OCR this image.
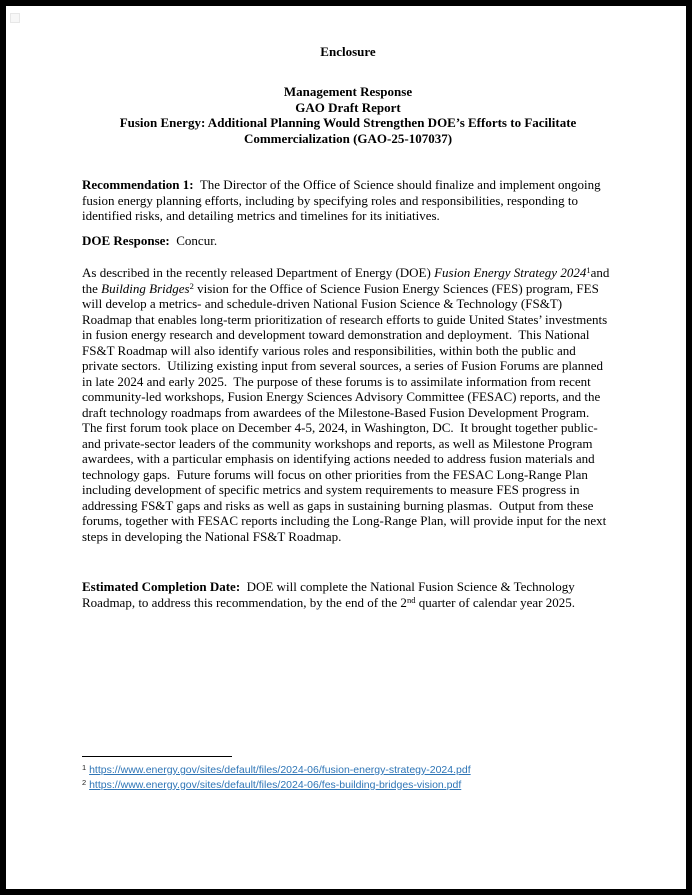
Enclosure
Management Response
GAO Draft Report
Fusion Energy: Additional Planning Would Strengthen DOE’s Efforts to Facilitate
Commercialization (GAO-25-107037)

Recommendation 1:  The Director of the Office of Science should finalize and implement ongoing fusion energy planning efforts, including by specifying roles and responsibilities, responding to identified risks, and detailing metrics and timelines for its initiatives.

DOE Response:  Concur.

As described in the recently released Department of Energy (DOE) Fusion Energy Strategy 2024$^1$and the Building Bridges$^2$ vision for the Office of Science Fusion Energy Sciences (FES) program, FES will develop a metrics- and schedule-driven National Fusion Science & Technology (FS&T) Roadmap that enables long-term prioritization of research efforts to guide United States’ investments in fusion energy research and development toward demonstration and deployment.  This National FS&T Roadmap will also identify various roles and responsibilities, within both the public and private sectors.  Utilizing existing input from several sources, a series of Fusion Forums are planned in late 2024 and early 2025.  The purpose of these forums is to assimilate information from recent community-led workshops, Fusion Energy Sciences Advisory Committee (FESAC) reports, and the draft technology roadmaps from awardees of the Milestone-Based Fusion Development Program.  The first forum took place on December 4-5, 2024, in Washington, DC.  It brought together public- and private-sector leaders of the community workshops and reports, as well as Milestone Program awardees, with a particular emphasis on identifying actions needed to address fusion materials and technology gaps.  Future forums will focus on other priorities from the FESAC Long-Range Plan including development of specific metrics and system requirements to measure FES progress in addressing FS&T gaps and risks as well as gaps in sustaining burning plasmas.  Output from these forums, together with FESAC reports including the Long-Range Plan, will provide input for the next steps in developing the National FS&T Roadmap.

Estimated Completion Date:  DOE will complete the National Fusion Science & Technology Roadmap, to address this recommendation, by the end of the 2nd quarter of calendar year 2025.

$^1$ https://www.energy.gov/sites/default/files/2024-06/fusion-energy-strategy-2024.pdf
$^2$ https://www.energy.gov/sites/default/files/2024-06/fes-building-bridges-vision.pdf
